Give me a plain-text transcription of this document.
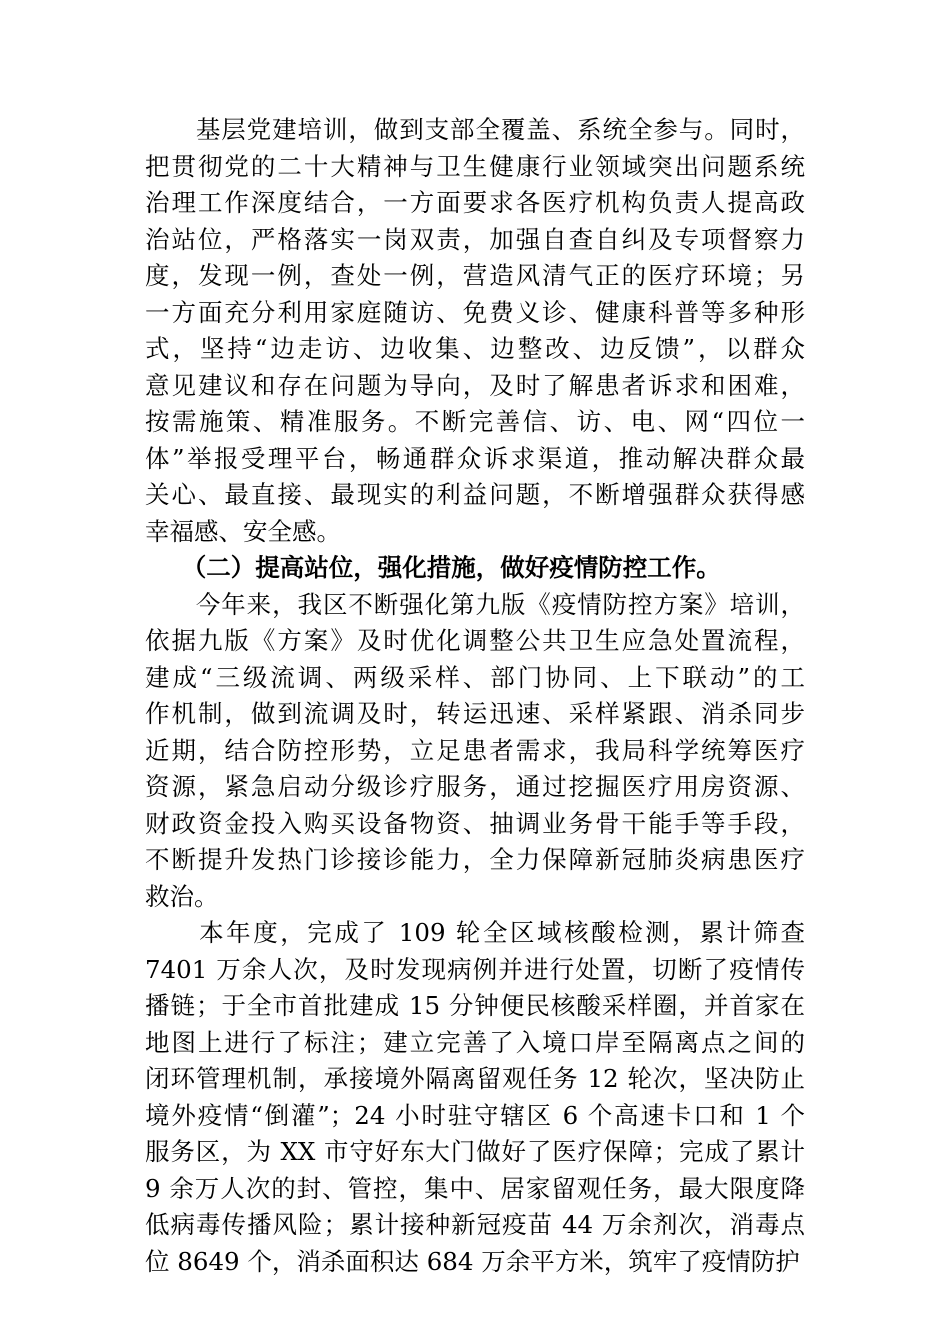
　　基层党建培训，做到支部全覆盖、系统全参与。同时，
把贯彻党的二十大精神与卫生健康行业领域突出问题系统
治理工作深度结合，一方面要求各医疗机构负责人提高政
治站位，严格落实一岗双责，加强自查自纠及专项督察力
度，发现一例，查处一例，营造风清气正的医疗环境；另
一方面充分利用家庭随访、免费义诊、健康科普等多种形
式，坚持“边走访、边收集、边整改、边反馈”，以群众
意见建议和存在问题为导向，及时了解患者诉求和困难，
按需施策、精准服务。不断完善信、访、电、网“四位一
体”举报受理平台，畅通群众诉求渠道，推动解决群众最
关心、最直接、最现实的利益问题，不断增强群众获得感
幸福感、安全感。

　　（二）提高站位，强化措施，做好疫情防控工作。

　　今年来，我区不断强化第九版《疫情防控方案》培训，
依据九版《方案》及时优化调整公共卫生应急处置流程，
建成“三级流调、两级采样、部门协同、上下联动”的工
作机制，做到流调及时，转运迅速、采样紧跟、消杀同步
近期，结合防控形势，立足患者需求，我局科学统筹医疗
资源，紧急启动分级诊疗服务，通过挖掘医疗用房资源、
财政资金投入购买设备物资、抽调业务骨干能手等手段，
不断提升发热门诊接诊能力，全力保障新冠肺炎病患医疗
救治。

　　本年度，完成了 109 轮全区域核酸检测，累计筛查
7401 万余人次，及时发现病例并进行处置，切断了疫情传
播链；于全市首批建成 15 分钟便民核酸采样圈，并首家在
地图上进行了标注；建立完善了入境口岸至隔离点之间的
闭环管理机制，承接境外隔离留观任务 12 轮次，坚决防止
境外疫情“倒灌”；24 小时驻守辖区 6 个高速卡口和 1 个
服务区，为 XX 市守好东大门做好了医疗保障；完成了累计
9 余万人次的封、管控，集中、居家留观任务，最大限度降
低病毒传播风险；累计接种新冠疫苗 44 万余剂次，消毒点
位 8649 个，消杀面积达 684 万余平方米，筑牢了疫情防护
